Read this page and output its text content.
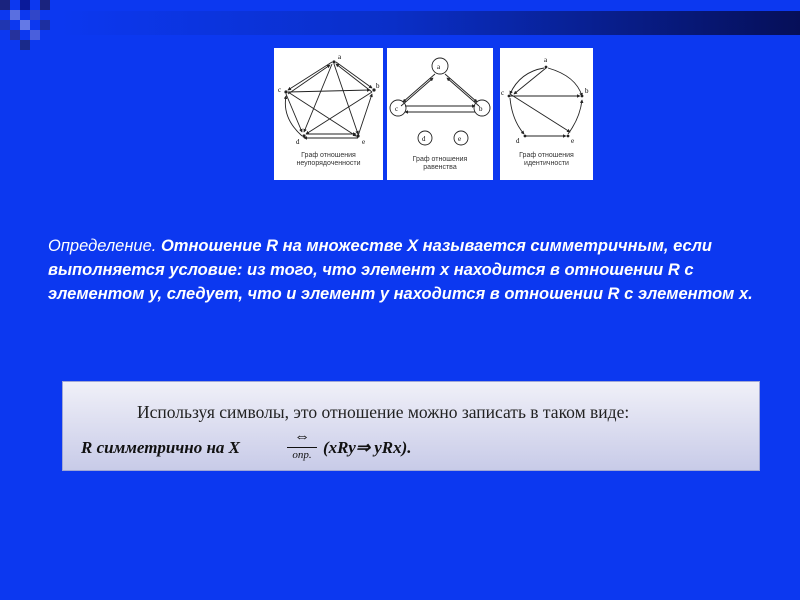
a
b
c
d	e
Граф отношения
неупорядоченности
a
b
c
d	e
Граф отношения
равенства
a
b
c
d	e
Граф отношения
идентичности
Определение. Отношение R на множестве X называется симметричным, если выполняется условие: из того, что элемент х находится в отношении R с элементом у, следует, что и элемент у находится в отношении R с элементом х.
Используя символы, это отношение можно записать в таком виде:
R симметрично на X
⇔
опр. (xRy⇒ yRx).
